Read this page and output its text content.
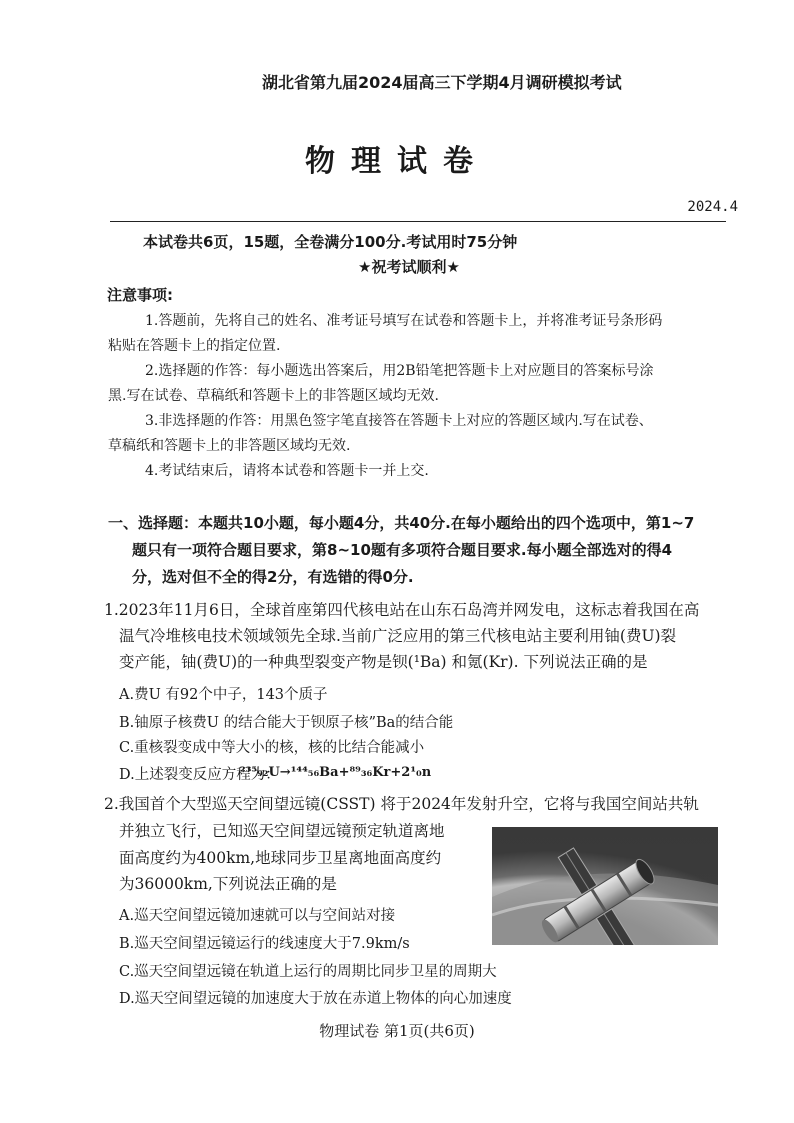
湖北省第九届2024届高三下学期4月调研模拟考试
物理试卷
2024.4
本试卷共6页，15题，全卷满分100分.考试用时75分钟
★祝考试顺利★
注意事项:
1.答题前，先将自己的姓名、准考证号填写在试卷和答题卡上，并将准考证号条形码
粘贴在答题卡上的指定位置.
2.选择题的作答：每小题选出答案后，用2B铅笔把答题卡上对应题目的答案标号涂
黑.写在试卷、草稿纸和答题卡上的非答题区域均无效.
3.非选择题的作答：用黑色签字笔直接答在答题卡上对应的答题区域内.写在试卷、
草稿纸和答题卡上的非答题区域均无效.
4.考试结束后，请将本试卷和答题卡一并上交.
一、选择题：本题共10小题，每小题4分，共40分.在每小题给出的四个选项中，第1~7
题只有一项符合题目要求，第8~10题有多项符合题目要求.每小题全部选对的得4
分，选对但不全的得2分，有选错的得0分.
1.2023年11月6日，全球首座第四代核电站在山东石岛湾并网发电，这标志着我国在高
温气冷堆核电技术领域领先全球.当前广泛应用的第三代核电站主要利用铀(费U)裂
变产能，铀(费U)的一种典型裂变产物是钡(¹Ba) 和氪(Kr). 下列说法正确的是
A.费U 有92个中子，143个质子
B.铀原子核费U 的结合能大于钡原子核”Ba的结合能
C.重核裂变成中等大小的核，核的比结合能减小
D.上述裂变反应方程为：
²³⁵₉₂U→¹⁴⁴₅₆Ba+⁸⁹₃₆Kr+2¹₀n
2.我国首个大型巡天空间望远镜(CSST) 将于2024年发射升空，它将与我国空间站共轨
并独立飞行，已知巡天空间望远镜预定轨道离地
面高度约为400km,地球同步卫星离地面高度约
为36000km,下列说法正确的是
A.巡天空间望远镜加速就可以与空间站对接
B.巡天空间望远镜运行的线速度大于7.9km/s
C.巡天空间望远镜在轨道上运行的周期比同步卫星的周期大
D.巡天空间望远镜的加速度大于放在赤道上物体的向心加速度
物理试卷 第1页(共6页)
